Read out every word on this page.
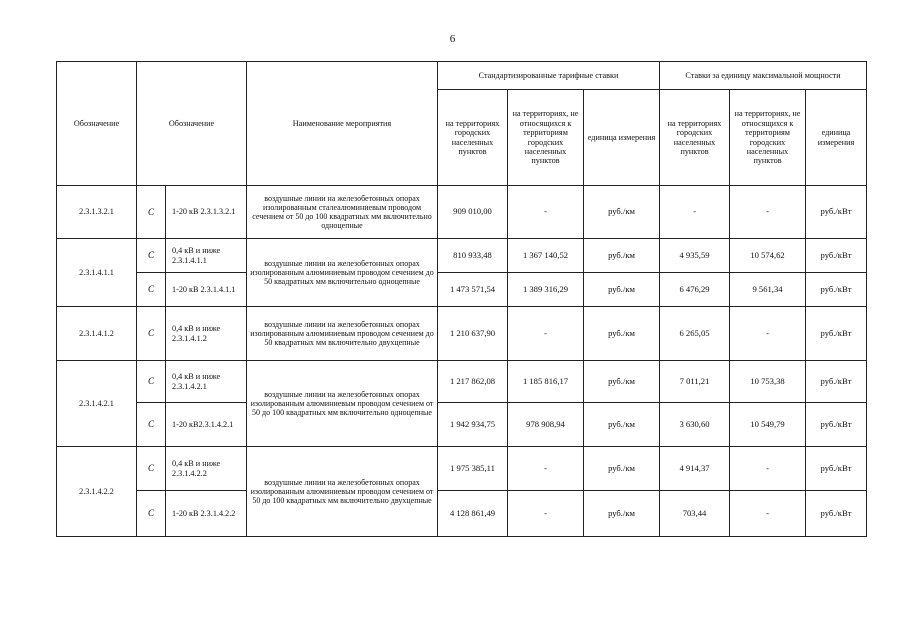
6
Обозначение	Обозначение		Наименование мероприятия	Стандартизированные тарифные ставки			Ставки за единицу максимальной мощности		
				на территориях городских населенных пунктов	на территориях, не относящихся к территориям городских населенных пунктов	единица измерения	на территориях городских населенных пунктов	на территориях, не относящихся к территориям городских населенных пунктов	единица измерения
2.3.1.3.2.1	С	1-20 кВ 2.3.1.3.2.1	воздушные линии на железобетонных опорах изолированным сталеалюминиевым проводом сечением от 50 до 100 квадратных мм включительно одноцепные	909 010,00	-	руб./км	-	-	руб./кВт
2.3.1.4.1.1	С	0,4 кВ и ниже 2.3.1.4.1.1	воздушные линии на железобетонных опорах изолированным алюминиевым проводом сечением до 50 квадратных мм включительно одноцепные	810 933,48	1 367 140,52	руб./км	4 935,59	10 574,62	руб./кВт
	С	1-20 кВ 2.3.1.4.1.1		1 473 571,54	1 389 316,29	руб./км	6 476,29	9 561,34	руб./кВт
2.3.1.4.1.2	С	0,4 кВ и ниже 2.3.1.4.1.2	воздушные линии на железобетонных опорах изолированным алюминиевым проводом сечением до 50 квадратных мм включительно двухцепные	1 210 637,90	-	руб./км	6 265,05	-	руб./кВт
2.3.1.4.2.1	С	0,4 кВ и ниже 2.3.1.4.2.1	воздушные линии на железобетонных опорах изолированным алюминиевым проводом сечением от 50 до 100 квадратных мм включительно одноцепные	1 217 862,08	1 185 816,17	руб./км	7 011,21	10 753,38	руб./кВт
	С	1-20 кВ2.3.1.4.2.1		1 942 934,75	978 908,94	руб./км	3 630,60	10 549,79	руб./кВт
2.3.1.4.2.2	С	0,4 кВ и ниже 2.3.1.4.2.2	воздушные линии на железобетонных опорах изолированным алюминиевым проводом сечением от 50 до 100 квадратных мм включительно двухцепные	1 975 385,11	-	руб./км	4 914,37	-	руб./кВт
	С	1-20 кВ 2.3.1.4.2.2		4 128 861,49	-	руб./км	703,44	-	руб./кВт
